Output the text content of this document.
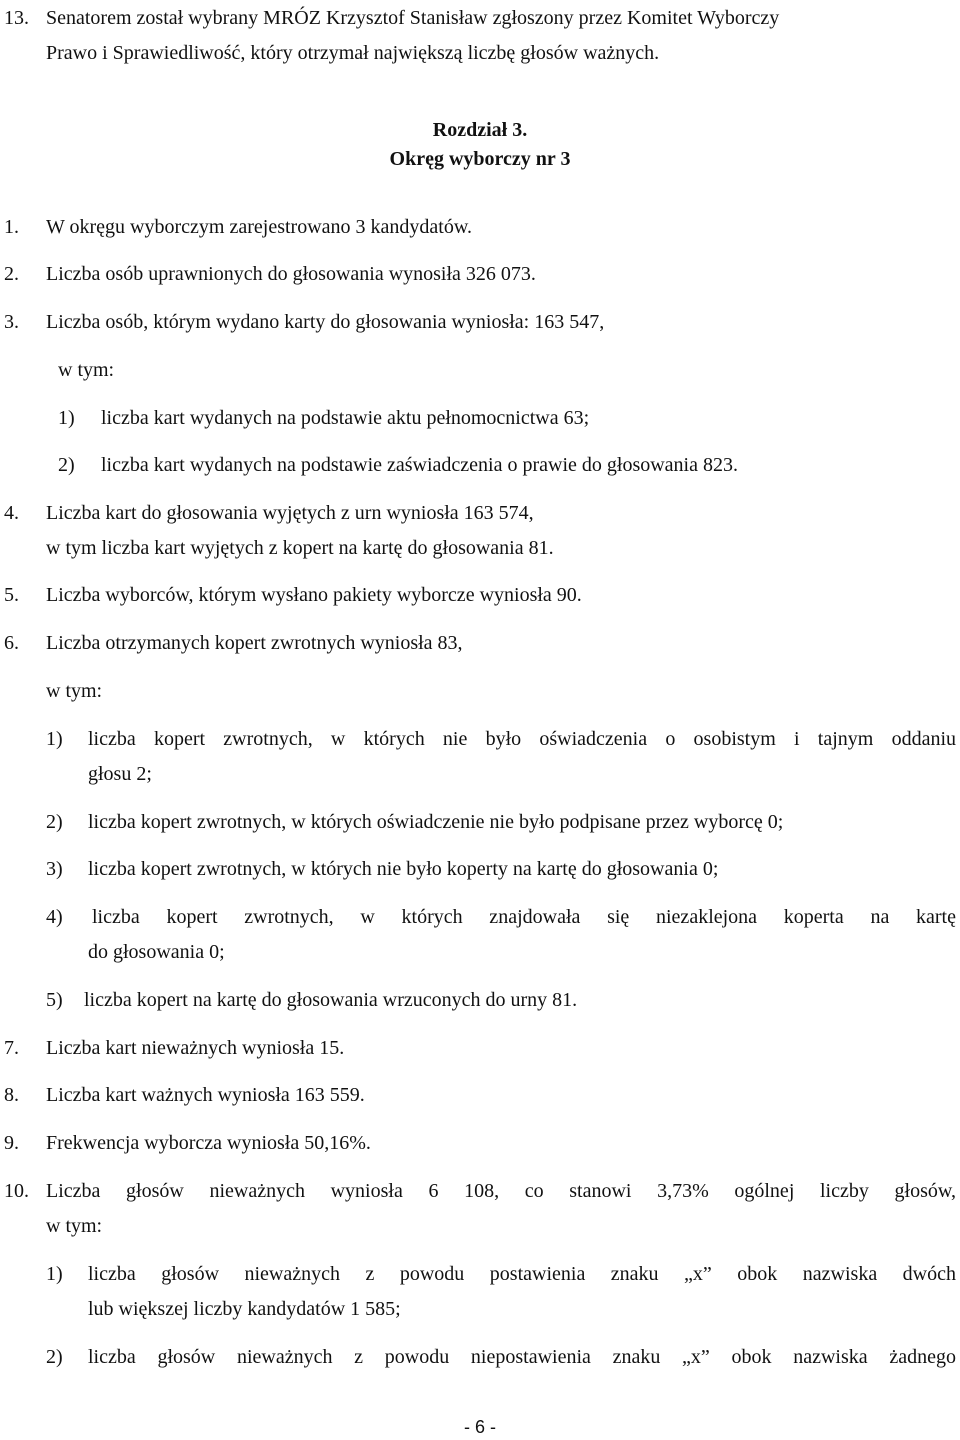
13. Senatorem został wybrany MRÓZ Krzysztof Stanisław zgłoszony przez Komitet Wyborczy
Prawo i Sprawiedliwość, który otrzymał największą liczbę głosów ważnych.
Rozdział 3.
Okręg wyborczy nr 3
1. W okręgu wyborczym zarejestrowano 3 kandydatów.
2. Liczba osób uprawnionych do głosowania wynosiła 326 073.
3. Liczba osób, którym wydano karty do głosowania wyniosła: 163 547,
w tym:
1) liczba kart wydanych na podstawie aktu pełnomocnictwa 63;
2) liczba kart wydanych na podstawie zaświadczenia o prawie do głosowania 823.
4. Liczba kart do głosowania wyjętych z urn wyniosła 163 574,
w tym liczba kart wyjętych z kopert na kartę do głosowania 81.
5. Liczba wyborców, którym wysłano pakiety wyborcze wyniosła 90.
6. Liczba otrzymanych kopert zwrotnych wyniosła 83,
w tym:
1) liczba kopert zwrotnych, w których nie było oświadczenia o osobistym i tajnym oddaniu
głosu 2;
2) liczba kopert zwrotnych, w których oświadczenie nie było podpisane przez wyborcę 0;
3) liczba kopert zwrotnych, w których nie było koperty na kartę do głosowania 0;
4) liczba kopert zwrotnych, w których znajdowała się niezaklejona koperta na kartę
do głosowania 0;
5) liczba kopert na kartę do głosowania wrzuconych do urny 81.
7. Liczba kart nieważnych wyniosła 15.
8. Liczba kart ważnych wyniosła 163 559.
9. Frekwencja wyborcza wyniosła 50,16%.
10. Liczba głosów nieważnych wyniosła 6 108, co stanowi 3,73% ogólnej liczby głosów,
w tym:
1) liczba głosów nieważnych z powodu postawienia znaku „x” obok nazwiska dwóch
lub większej liczby kandydatów 1 585;
2) liczba głosów nieważnych z powodu niepostawienia znaku „x” obok nazwiska żadnego
- 6 -
